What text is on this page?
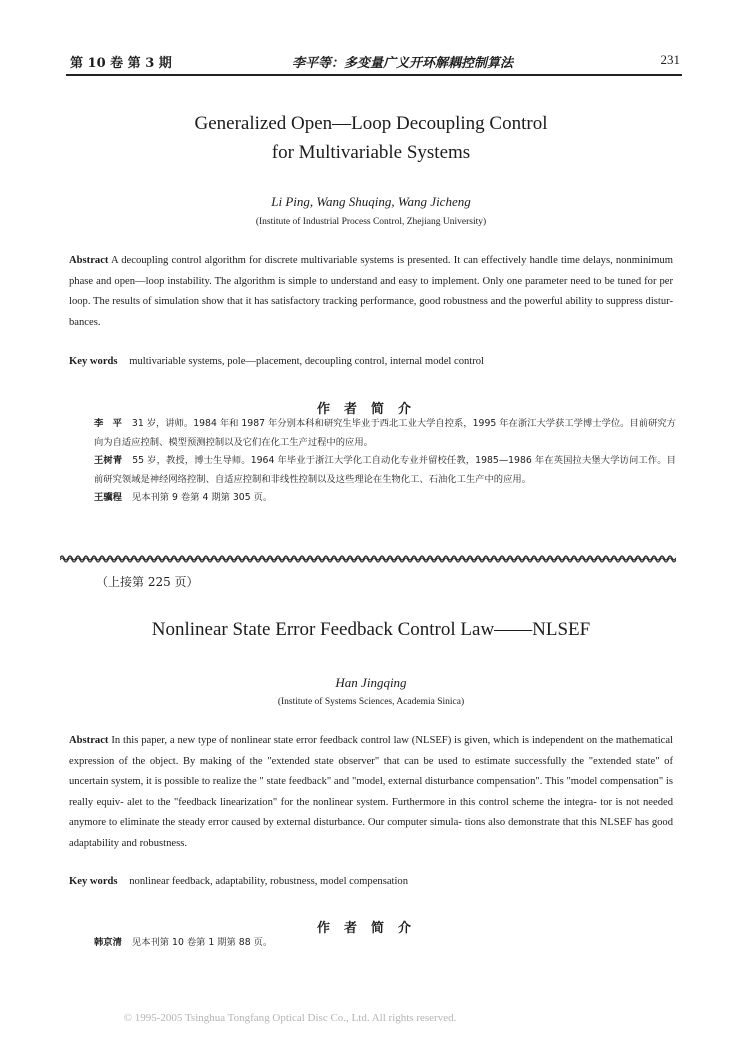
第 10 卷 第 3 期	李平等：多变量广义开环解耦控制算法	231
Generalized Open—Loop Decoupling Control
for Multivariable Systems
Li Ping, Wang Shuqing, Wang Jicheng
(Institute of Industrial Process Control, Zhejiang University)
Abstract A decoupling control algorithm for discrete multivariable systems is presented. It can effectively handle time delays, nonminimum phase and open—loop instability. The algorithm is simple to understand and easy to implement. Only one parameter need to be tuned for per loop. The results of simulation show that it has satisfactory tracking performance, good robustness and the powerful ability to suppress distur- bances.
Key words multivariable systems, pole—placement, decoupling control, internal model control
作者简介
李　平 31 岁，讲师。1984 年和 1987 年分别本科和研究生毕业于西北工业大学自控系，1995 年在浙江大学获工学博士学位。目前研究方向为自适应控制、模型预测控制以及它们在化工生产过程中的应用。
王树青 55 岁，教授，博士生导师。1964 年毕业于浙江大学化工自动化专业并留校任教，1985—1986 年在英国拉夫堡大学访问工作。目前研究领域是神经网络控制、自适应控制和非线性控制以及这些理论在生物化工、石油化工生产中的应用。
王骥程 见本刊第 9 卷第 4 期第 305 页。
（上接第 225 页）
Nonlinear State Error Feedback Control Law——NLSEF
Han Jingqing
(Institute of Systems Sciences, Academia Sinica)
Abstract In this paper, a new type of nonlinear state error feedback control law (NLSEF) is given, which is independent on the mathematical expression of the object. By making of the "extended state observer" that can be used to estimate successfully the "extended state" of uncertain system, it is possible to realize the " state feedback" and "model, external disturbance compensation". This "model compensation" is really equiv- alet to the "feedback linearization" for the nonlinear system. Furthermore in this control scheme the integra- tor is not needed anymore to eliminate the steady error caused by external disturbance. Our computer simula- tions also demonstrate that this NLSEF has good adaptability and robustness.
Key words nonlinear feedback, adaptability, robustness, model compensation
作者简介
韩京清 见本刊第 10 卷第 1 期第 88 页。
© 1995-2005 Tsinghua Tongfang Optical Disc Co., Ltd. All rights reserved.
